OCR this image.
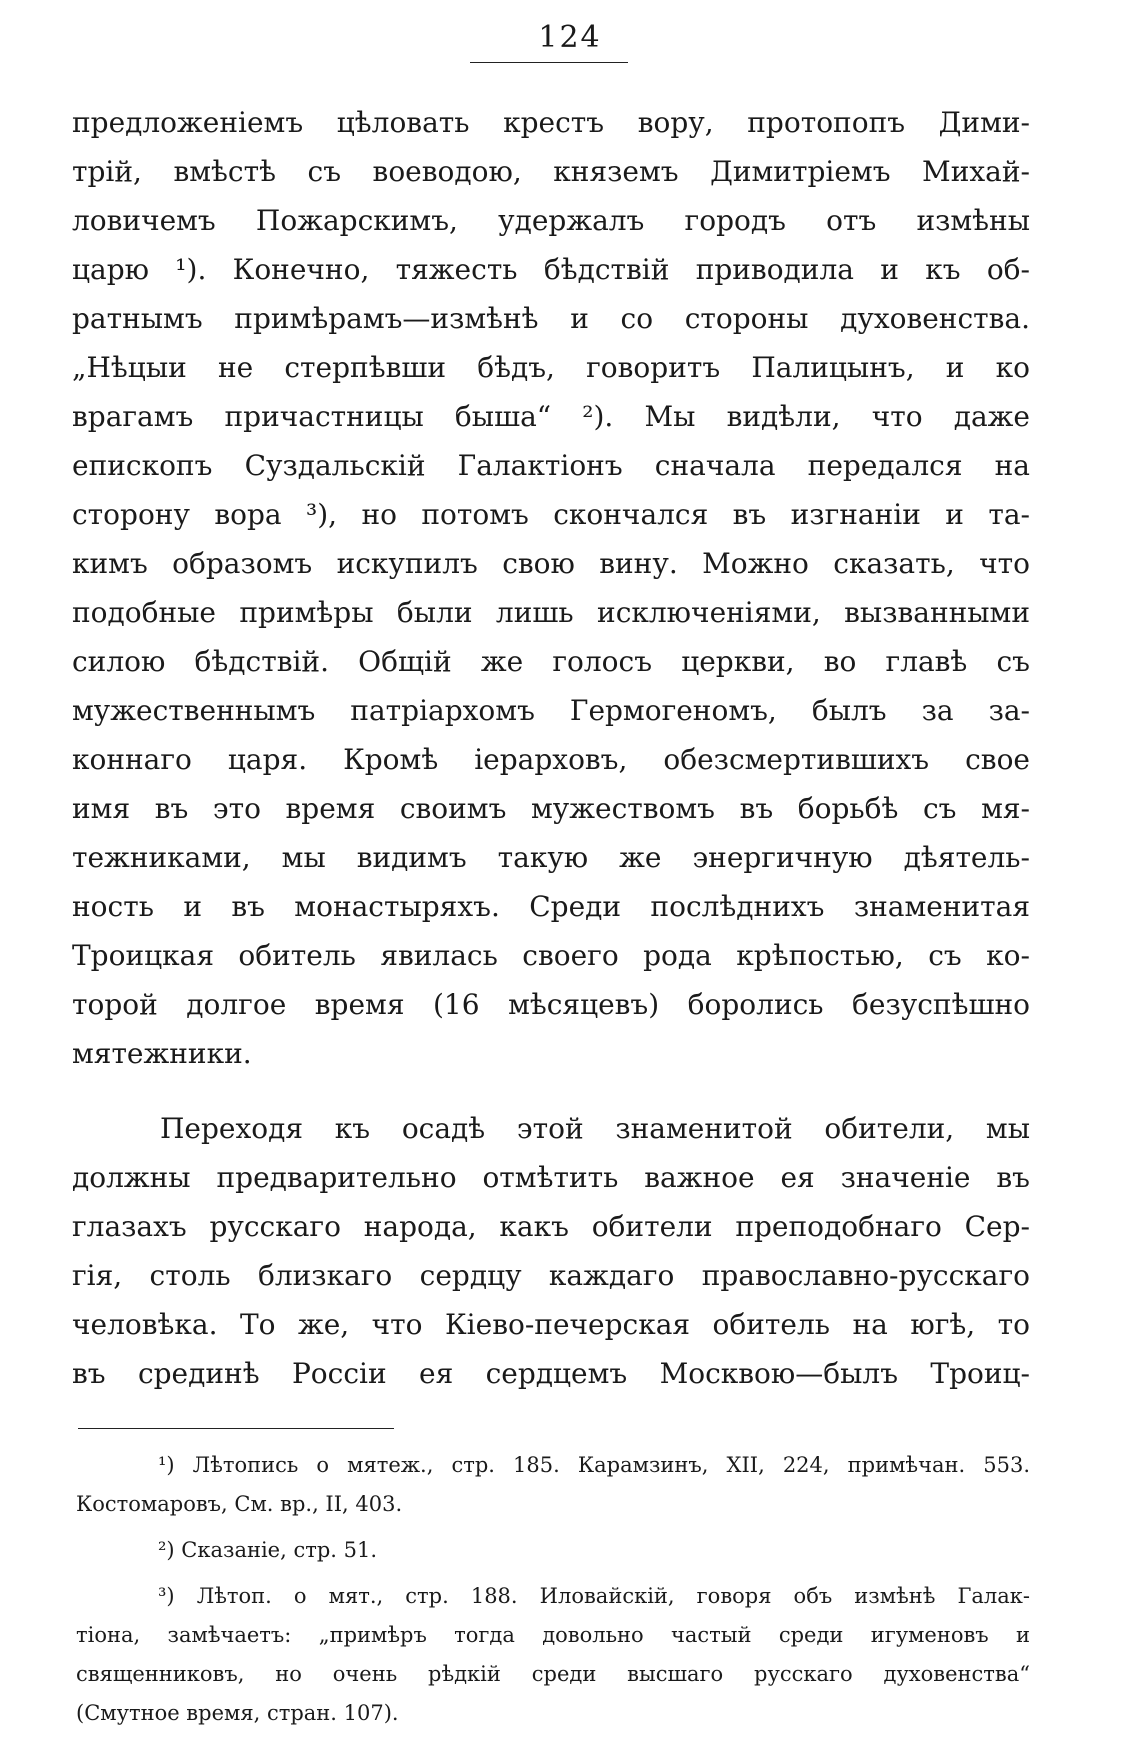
124
предложеніемъ цѣловать крестъ вору, протопопъ Дими-
трій, вмѣстѣ съ воеводою, княземъ Димитріемъ Михай-
ловичемъ Пожарскимъ, удержалъ городъ отъ измѣны
царю ¹). Конечно, тяжесть бѣдствій приводила и къ об-
ратнымъ примѣрамъ—измѣнѣ и со стороны духовенства.
„Нѣцыи не стерпѣвши бѣдъ, говоритъ Палицынъ, и ко
врагамъ причастницы быша“ ²). Мы видѣли, что даже
епископъ Суздальскій Галактіонъ сначала передался на
сторону вора ³), но потомъ скончался въ изгнаніи и та-
кимъ образомъ искупилъ свою вину. Можно сказать, что
подобные примѣры были лишь исключеніями, вызванными
силою бѣдствій. Общій же голосъ церкви, во главѣ съ
мужественнымъ патріархомъ Гермогеномъ, былъ за за-
коннаго царя. Кромѣ іерарховъ, обезсмертившихъ свое
имя въ это время своимъ мужествомъ въ борьбѣ съ мя-
тежниками, мы видимъ такую же энергичную дѣятель-
ность и въ монастыряхъ. Среди послѣднихъ знаменитая
Троицкая обитель явилась своего рода крѣпостью, съ ко-
торой долгое время (16 мѣсяцевъ) боролись безуспѣшно
мятежники.
Переходя къ осадѣ этой знаменитой обители, мы
должны предварительно отмѣтить важное ея значеніе въ
глазахъ русскаго народа, какъ обители преподобнаго Сер-
гія, столь близкаго сердцу каждаго православно-русскаго
человѣка. То же, что Кіево-печерская обитель на югѣ, то
въ срединѣ Россіи ея сердцемъ Москвою—былъ Троиц-
¹) Лѣтопись о мятеж., стр. 185. Карамзинъ, XII, 224, примѣчан. 553.
Костомаровъ, См. вр., II, 403.
²) Сказаніе, стр. 51.
³) Лѣтоп. о мят., стр. 188. Иловайскій, говоря объ измѣнѣ Галак-
тіона, замѣчаетъ: „примѣръ тогда довольно частый среди игуменовъ и
священниковъ, но очень рѣдкій среди высшаго русскаго духовенства“
(Смутное время, стран. 107).
